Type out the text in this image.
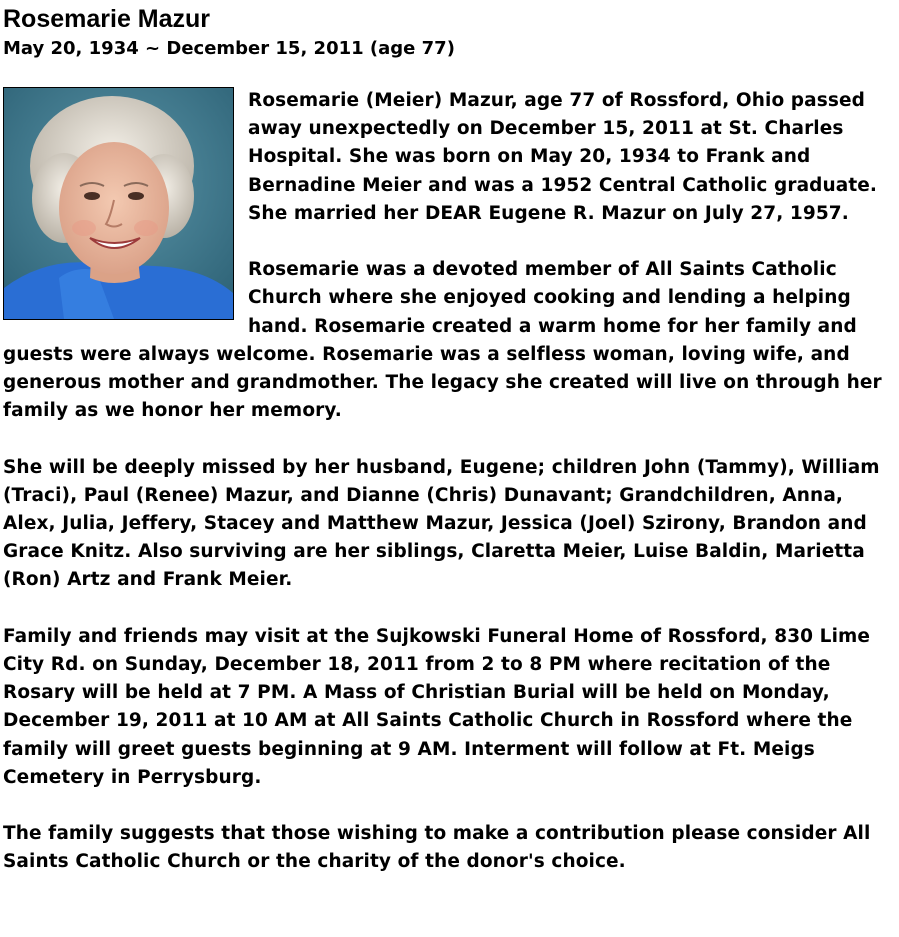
Rosemarie Mazur
May 20, 1934 ~ December 15, 2011 (age 77)

Rosemarie (Meier) Mazur, age 77 of Rossford, Ohio passed away unexpectedly on December 15, 2011 at St. Charles Hospital. She was born on May 20, 1934 to Frank and Bernadine Meier and was a 1952 Central Catholic graduate. She married her DEAR Eugene R. Mazur on July 27, 1957.

Rosemarie was a devoted member of All Saints Catholic Church where she enjoyed cooking and lending a helping hand. Rosemarie created a warm home for her family and guests were always welcome. Rosemarie was a selfless woman, loving wife, and generous mother and grandmother. The legacy she created will live on through her family as we honor her memory.

She will be deeply missed by her husband, Eugene; children John (Tammy), William (Traci), Paul (Renee) Mazur, and Dianne (Chris) Dunavant; Grandchildren, Anna, Alex, Julia, Jeffery, Stacey and Matthew Mazur, Jessica (Joel) Szirony, Brandon and Grace Knitz. Also surviving are her siblings, Claretta Meier, Luise Baldin, Marietta (Ron) Artz and Frank Meier.

Family and friends may visit at the Sujkowski Funeral Home of Rossford, 830 Lime City Rd. on Sunday, December 18, 2011 from 2 to 8 PM where recitation of the Rosary will be held at 7 PM. A Mass of Christian Burial will be held on Monday, December 19, 2011 at 10 AM at All Saints Catholic Church in Rossford where the family will greet guests beginning at 9 AM. Interment will follow at Ft. Meigs Cemetery in Perrysburg.

The family suggests that those wishing to make a contribution please consider All Saints Catholic Church or the charity of the donor's choice.
